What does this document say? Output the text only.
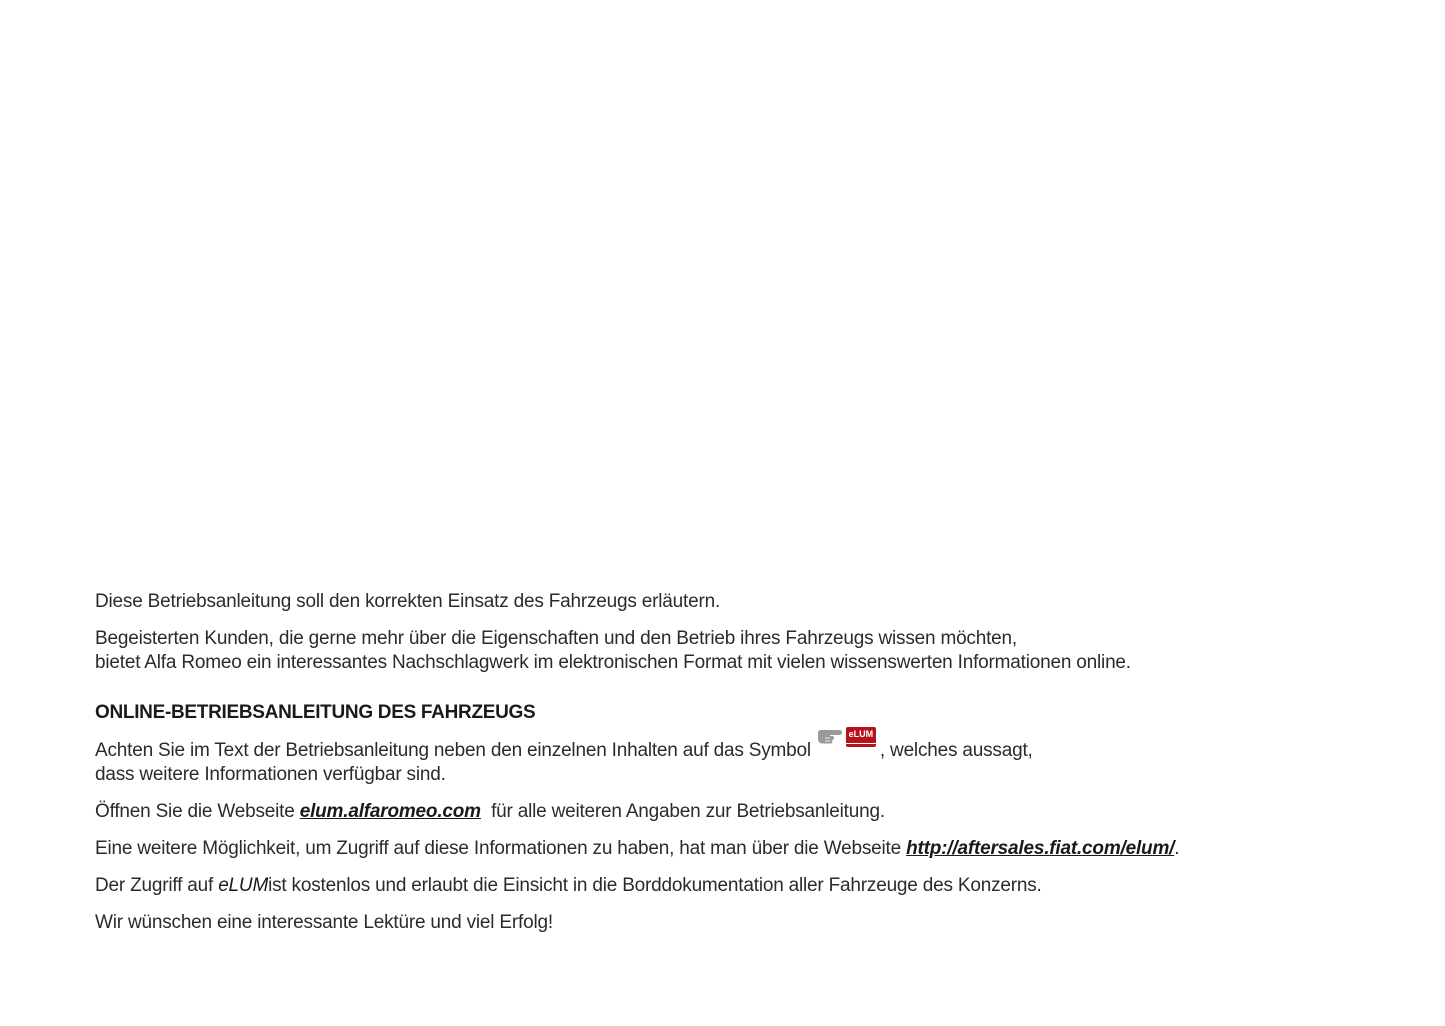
Diese Betriebsanleitung soll den korrekten Einsatz des Fahrzeugs erläutern.

Begeisterten Kunden, die gerne mehr über die Eigenschaften und den Betrieb ihres Fahrzeugs wissen möchten,
bietet Alfa Romeo ein interessantes Nachschlagwerk im elektronischen Format mit vielen wissenswerten Informationen online.

ONLINE-BETRIEBSANLEITUNG DES FAHRZEUGS

Achten Sie im Text der Betriebsanleitung neben den einzelnen Inhalten auf das Symbol
eLUM
, welches aussagt,
dass weitere Informationen verfügbar sind.

Öffnen Sie die Webseite elum.alfaromeo.com für alle weiteren Angaben zur Betriebsanleitung.

Eine weitere Möglichkeit, um Zugriff auf diese Informationen zu haben, hat man über die Webseite http://aftersales.fiat.com/elum/.

Der Zugriff auf eLUMist kostenlos und erlaubt die Einsicht in die Borddokumentation aller Fahrzeuge des Konzerns.

Wir wünschen eine interessante Lektüre und viel Erfolg!
